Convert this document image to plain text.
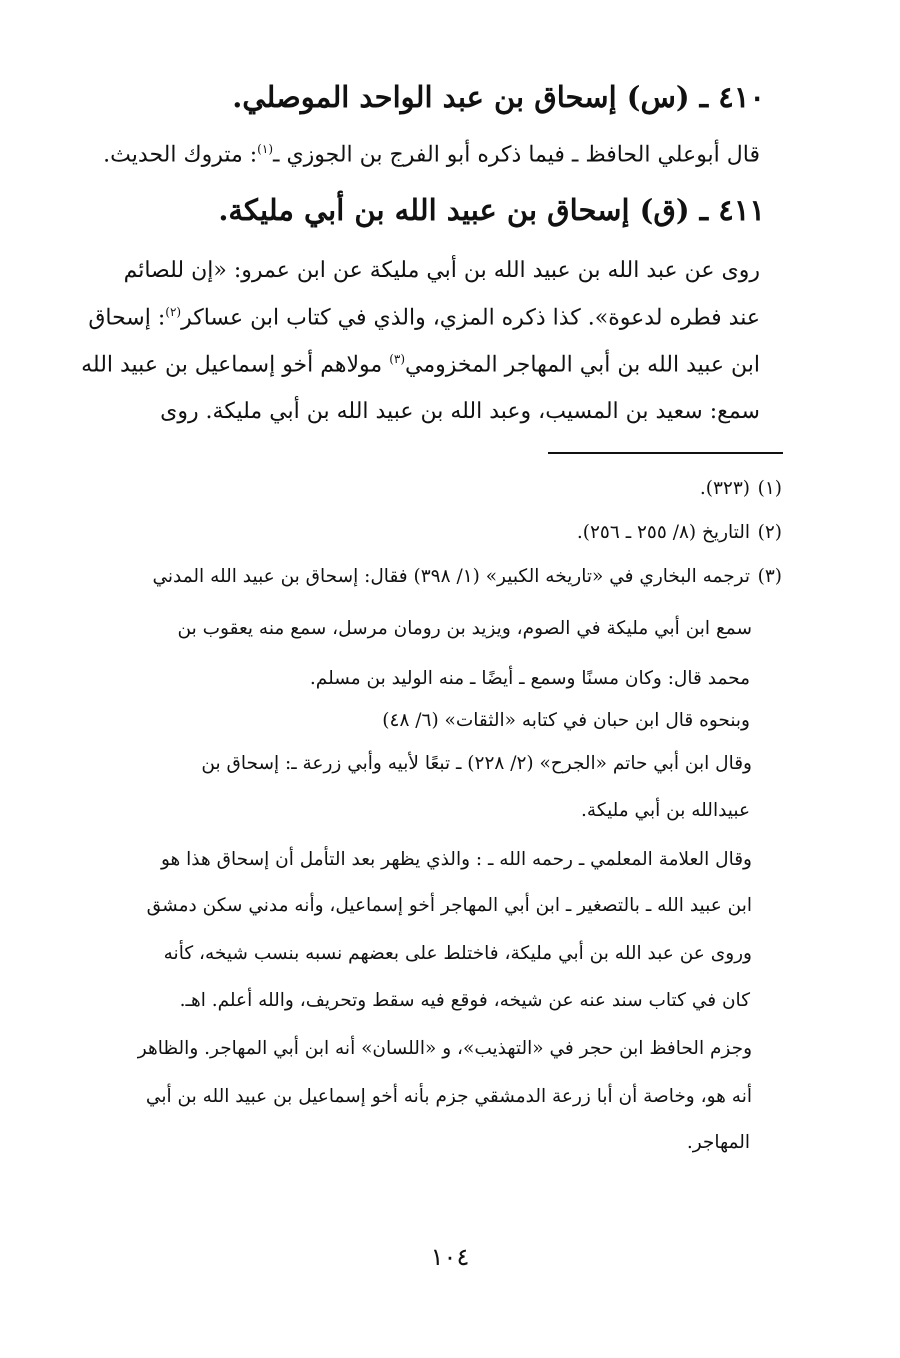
٤١٠ ـ (س) إسحاق بن عبد الواحد الموصلي.
قال أبوعلي الحافظ ـ فيما ذكره أبو الفرج بن الجوزي ـ$^{(١)}$: متروك الحديث.
٤١١ ـ (ق) إسحاق بن عبيد الله بن أبي مليكة.
روى عن عبد الله بن عبيد الله بن أبي مليكة عن ابن عمرو: «إن للصائم
عند فطره لدعوة». كذا ذكره المزي، والذي في كتاب ابن عساكر$^{(٢)}$: إسحاق
ابن عبيد الله بن أبي المهاجر المخزومي$^{(٣)}$ مولاهم أخو إسماعيل بن عبيد الله
سمع: سعيد بن المسيب، وعبد الله بن عبيد الله بن أبي مليكة. روى
(١)
(٣٢٣).
(٢)
التاريخ (٨/ ٢٥٥ ـ ٢٥٦).
(٣)
ترجمه البخاري في «تاريخه الكبير» (١/ ٣٩٨) فقال: إسحاق بن عبيد الله المدني
سمع ابن أبي مليكة في الصوم، ويزيد بن رومان مرسل، سمع منه يعقوب بن
محمد قال: وكان مسنًا وسمع ـ أيضًا ـ منه الوليد بن مسلم.
وبنحوه قال ابن حبان في كتابه «الثقات» (٦/ ٤٨)
وقال ابن أبي حاتم «الجرح» (٢/ ٢٢٨) ـ تبعًا لأبيه وأبي زرعة ـ: إسحاق بن
عبيدالله بن أبي مليكة.
وقال العلامة المعلمي ـ رحمه الله ـ : والذي يظهر بعد التأمل أن إسحاق هذا هو
ابن عبيد الله ـ بالتصغير ـ ابن أبي المهاجر أخو إسماعيل، وأنه مدني سكن دمشق
وروى عن عبد الله بن أبي مليكة، فاختلط على بعضهم نسبه بنسب شيخه، كأنه
كان في كتاب سند عنه عن شيخه، فوقع فيه سقط وتحريف، والله أعلم. اهـ.
وجزم الحافظ ابن حجر في «التهذيب»، و «اللسان» أنه ابن أبي المهاجر. والظاهر
أنه هو، وخاصة أن أبا زرعة الدمشقي جزم بأنه أخو إسماعيل بن عبيد الله بن أبي
المهاجر.
١٠٤
